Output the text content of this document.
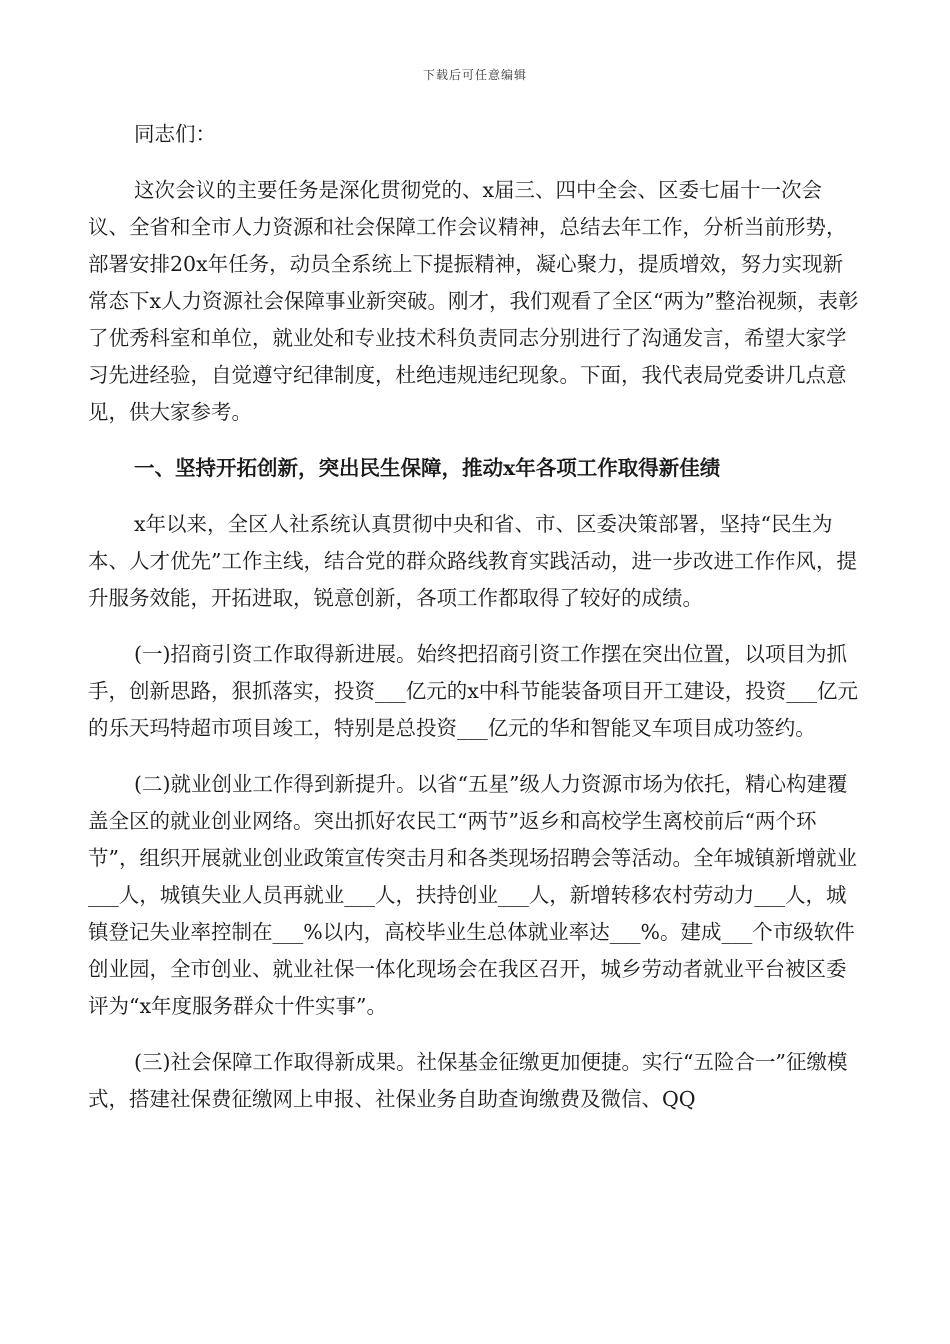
下载后可任意编辑

同志们：

这次会议的主要任务是深化贯彻党的、x届三、四中全会、区委七届十一次会议、全省和全市人力资源和社会保障工作会议精神，总结去年工作，分析当前形势，部署安排20x年任务，动员全系统上下提振精神，凝心聚力，提质增效，努力实现新常态下x人力资源社会保障事业新突破。刚才，我们观看了全区“两为”整治视频，表彰了优秀科室和单位，就业处和专业技术科负责同志分别进行了沟通发言，希望大家学习先进经验，自觉遵守纪律制度，杜绝违规违纪现象。下面，我代表局党委讲几点意见，供大家参考。

一、坚持开拓创新，突出民生保障，推动x年各项工作取得新佳绩

x年以来，全区人社系统认真贯彻中央和省、市、区委决策部署，坚持“民生为本、人才优先”工作主线，结合党的群众路线教育实践活动，进一步改进工作作风，提升服务效能，开拓进取，锐意创新，各项工作都取得了较好的成绩。

(一)招商引资工作取得新进展。始终把招商引资工作摆在突出位置，以项目为抓手，创新思路，狠抓落实，投资___亿元的x中科节能装备项目开工建设，投资___亿元的乐天玛特超市项目竣工，特别是总投资___亿元的华和智能叉车项目成功签约。

(二)就业创业工作得到新提升。以省“五星”级人力资源市场为依托，精心构建覆盖全区的就业创业网络。突出抓好农民工“两节”返乡和高校学生离校前后“两个环节”，组织开展就业创业政策宣传突击月和各类现场招聘会等活动。全年城镇新增就业___人，城镇失业人员再就业___人，扶持创业___人，新增转移农村劳动力___人，城镇登记失业率控制在___%以内，高校毕业生总体就业率达___%。建成___个市级软件创业园，全市创业、就业社保一体化现场会在我区召开，城乡劳动者就业平台被区委评为“x年度服务群众十件实事”。

(三)社会保障工作取得新成果。社保基金征缴更加便捷。实行“五险合一”征缴模式，搭建社保费征缴网上申报、社保业务自助查询缴费及微信、QQ
